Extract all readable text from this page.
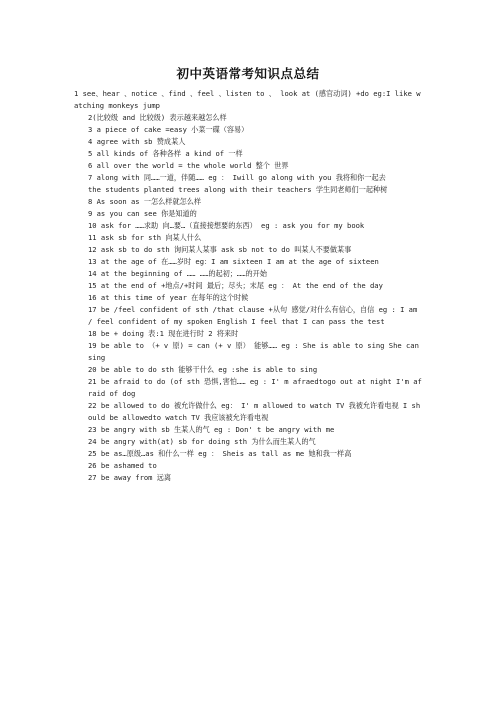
初中英语常考知识点总结
1 see、hear 、notice 、find 、feel 、listen to 、 look at (感官动词) +do eg:I like watching monkeys jump
2(比较级 and 比较级) 表示越来越怎么样
3 a piece of cake =easy 小菜一碟（容易）
4 agree with sb 赞成某人
5 all kinds of 各种各样 a kind of 一样
6 all over the world = the whole world 整个 世界
7 along with 同……一道，伴随…… eg ： Iwill go along with you 我将和你一起去
the students planted trees along with their teachers 学生同老师们一起种树
8 As soon as 一怎么样就怎么样
9 as you can see 你是知道的
10 ask for ……求助 向…要…（直接接想要的东西） eg : ask you for my book
11 ask sb for sth 向某人什么
12 ask sb to do sth 询问某人某事 ask sb not to do 叫某人不要做某事
13 at the age of 在……岁时 eg：I am sixteen I am at the age of sixteen
14 at the beginning of …… ……的起初；……的开始
15 at the end of +地点/+时间 最后；尽头；末尾 eg ： At the end of the day
16 at this time of year 在每年的这个时候
17 be /feel confident of sth /that clause +从句 感觉/对什么有信心，自信 eg : I am / feel confident of my spoken English I feel that I can pass the test
18 be + doing 表:1 现在进行时 2 将来时
19 be able to （+ v 原) = can (+ v 原） 能够…… eg : She is able to sing She can sing
20 be able to do sth 能够干什么 eg :she is able to sing
21 be afraid to do (of sth 恐惧,害怕…… eg : I' m afraedtogo out at night I'm afraid of dog
22 be allowed to do 被允许做什么 eg： I' m allowed to watch TV 我被允许看电视 I should be allowedto watch TV 我应该被允许看电视
23 be angry with sb 生某人的气 eg : Don' t be angry with me
24 be angry with(at) sb for doing sth 为什么而生某人的气
25 be as…原级…as 和什么一样 eg ： Sheis as tall as me 她和我一样高
26 be ashamed to
27 be away from 远离
